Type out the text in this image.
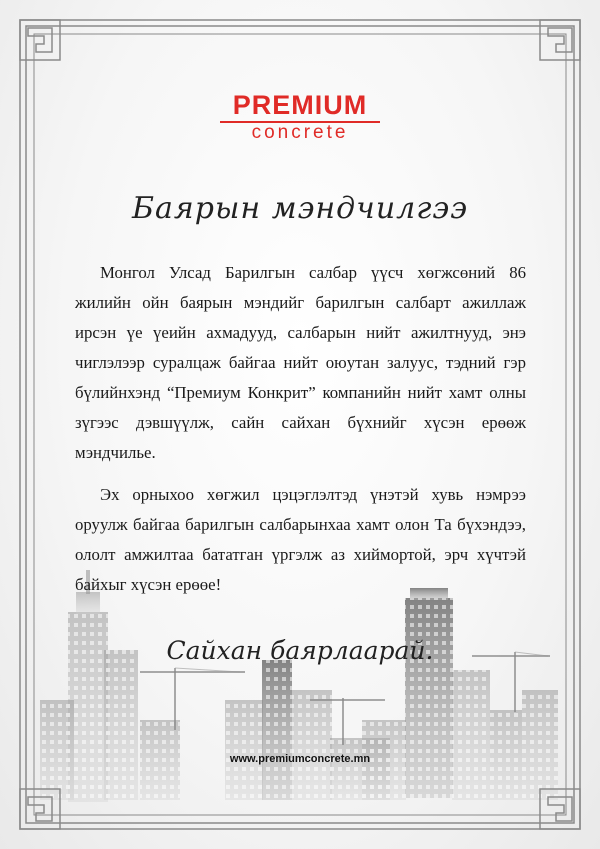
PREMIUM
concrete
Баярын мэндчилгээ
Монгол Улсад Барилгын салбар үүсч хөгжсөний 86 жилийн ойн баярын мэндийг барилгын салбарт ажиллаж ирсэн үе үеийн ахмадууд, салбарын нийт ажилтнууд, энэ чиглэлээр суралцаж байгаа нийт оюутан залуус, тэдний гэр бүлийнхэнд “Премиум Конкрит” компанийн нийт хамт олны зүгээс дэвшүүлж, сайн сайхан бүхнийг хүсэн ерөөж мэндчилье.
Эх орныхоо хөгжил цэцэглэлтэд үнэтэй хувь нэмрээ оруулж байгаа барилгын салбарынхаа хамт олон Та бүхэндээ, ололт амжилтаа бататган үргэлж аз хиймортой, эрч хүчтэй байхыг хүсэн ерөөе!
Сайхан баярлаарай.
www.premiumconcrete.mn
